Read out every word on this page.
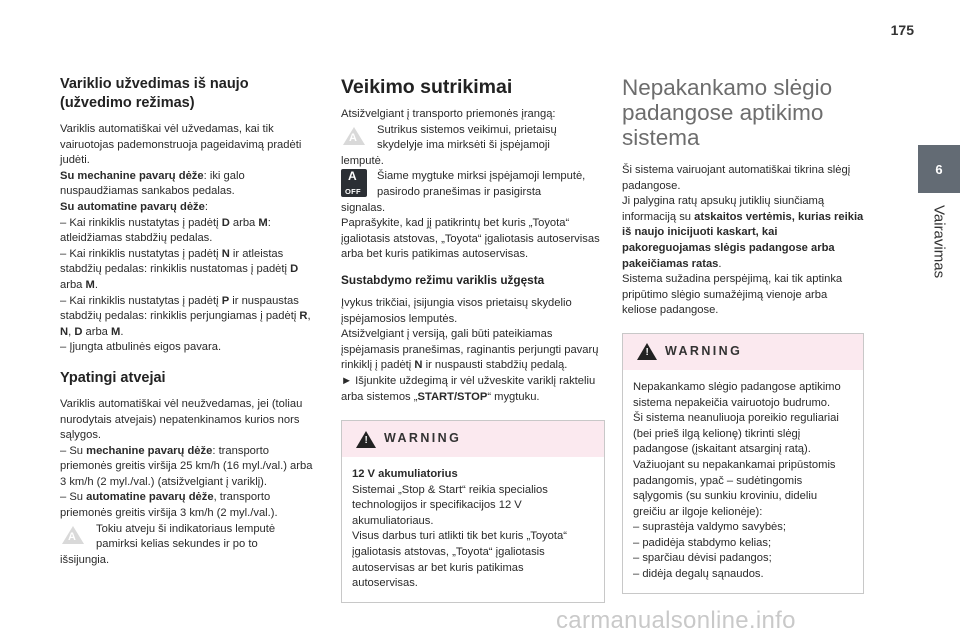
175
6
Vairavimas
Variklio užvedimas iš naujo (užvedimo režimas)

Variklis automatiškai vėl užvedamas, kai tik vairuotojas pademonstruoja pageidavimą pradėti judėti.

Su mechanine pavarų dėže: iki galo nuspaudžiamas sankabos pedalas.

Su automatine pavarų dėže:

– Kai rinkiklis nustatytas į padėtį D arba M: atleidžiamas stabdžių pedalas.

– Kai rinkiklis nustatytas į padėtį N ir atleistas stabdžių pedalas: rinkiklis nustatomas į padėtį D arba M.

– Kai rinkiklis nustatytas į padėtį P ir nuspaustas stabdžių pedalas: rinkiklis perjungiamas į padėtį R, N, D arba M.

– Įjungta atbulinės eigos pavara.

Ypatingi atvejai

Variklis automatiškai vėl neužvedamas, jei (toliau nurodytais atvejais) nepatenkinamos kurios nors sąlygos.

– Su mechanine pavarų dėže: transporto priemonės greitis viršija 25 km/h (16 myl./val.) arba 3 km/h (2 myl./val.) (atsižvelgiant į variklį).

– Su automatine pavarų dėže, transporto priemonės greitis viršija 3 km/h (2 myl./val.).

A

Tokiu atveju ši indikatoriaus lemputė pamirksi kelias sekundes ir po to

išsijungia.

Veikimo sutrikimai

Atsižvelgiant į transporto priemonės įrangą:

A

Sutrikus sistemos veikimui, prietaisų skydelyje ima mirksėti ši įspėjamoji

lemputė.

A
OFF

Šiame mygtuke mirksi įspėjamoji lemputė, pasirodo pranešimas ir pasigirsta

signalas.

Paprašykite, kad jį patikrintų bet kuris „Toyota“ įgaliotasis atstovas, „Toyota“ įgaliotasis autoservisas arba bet kuris patikimas autoservisas.

Sustabdymo režimu variklis užgęsta

Įvykus trikčiai, įsijungia visos prietaisų skydelio įspėjamosios lemputės.

Atsižvelgiant į versiją, gali būti pateikiamas įspėjamasis pranešimas, raginantis perjungti pavarų rinkiklį į padėtį N ir nuspausti stabdžių pedalą.

► Išjunkite uždegimą ir vėl užveskite variklį rakteliu arba sistemos „START/STOP“ mygtuku.

! WARNING

12 V akumuliatorius

Sistemai „Stop & Start“ reikia specialios technologijos ir specifikacijos 12 V akumuliatoriaus.

Visus darbus turi atlikti tik bet kuris „Toyota“ įgaliotasis atstovas, „Toyota“ įgaliotasis autoservisas ar bet kuris patikimas autoservisas.

Nepakankamo slėgio padangose aptikimo sistema

Ši sistema vairuojant automatiškai tikrina slėgį padangose.

Ji palygina ratų apsukų jutiklių siunčiamą informaciją su atskaitos vertėmis, kurias reikia iš naujo inicijuoti kaskart, kai pakoreguojamas slėgis padangose arba pakeičiamas ratas.

Sistema sužadina perspėjimą, kai tik aptinka pripūtimo slėgio sumažėjimą vienoje arba keliose padangose.

! WARNING

Nepakankamo slėgio padangose aptikimo sistema nepakeičia vairuotojo budrumo.

Ši sistema neanuliuoja poreikio reguliariai (bei prieš ilgą kelionę) tikrinti slėgį padangose (įskaitant atsarginį ratą).

Važiuojant su nepakankamai pripūstomis padangomis, ypač – sudėtingomis sąlygomis (su sunkiu kroviniu, dideliu greičiu ar ilgoje kelionėje):

– suprastėja valdymo savybės;

– padidėja stabdymo kelias;

– sparčiau dėvisi padangos;

– didėja degalų sąnaudos.

carmanualsonline.info
